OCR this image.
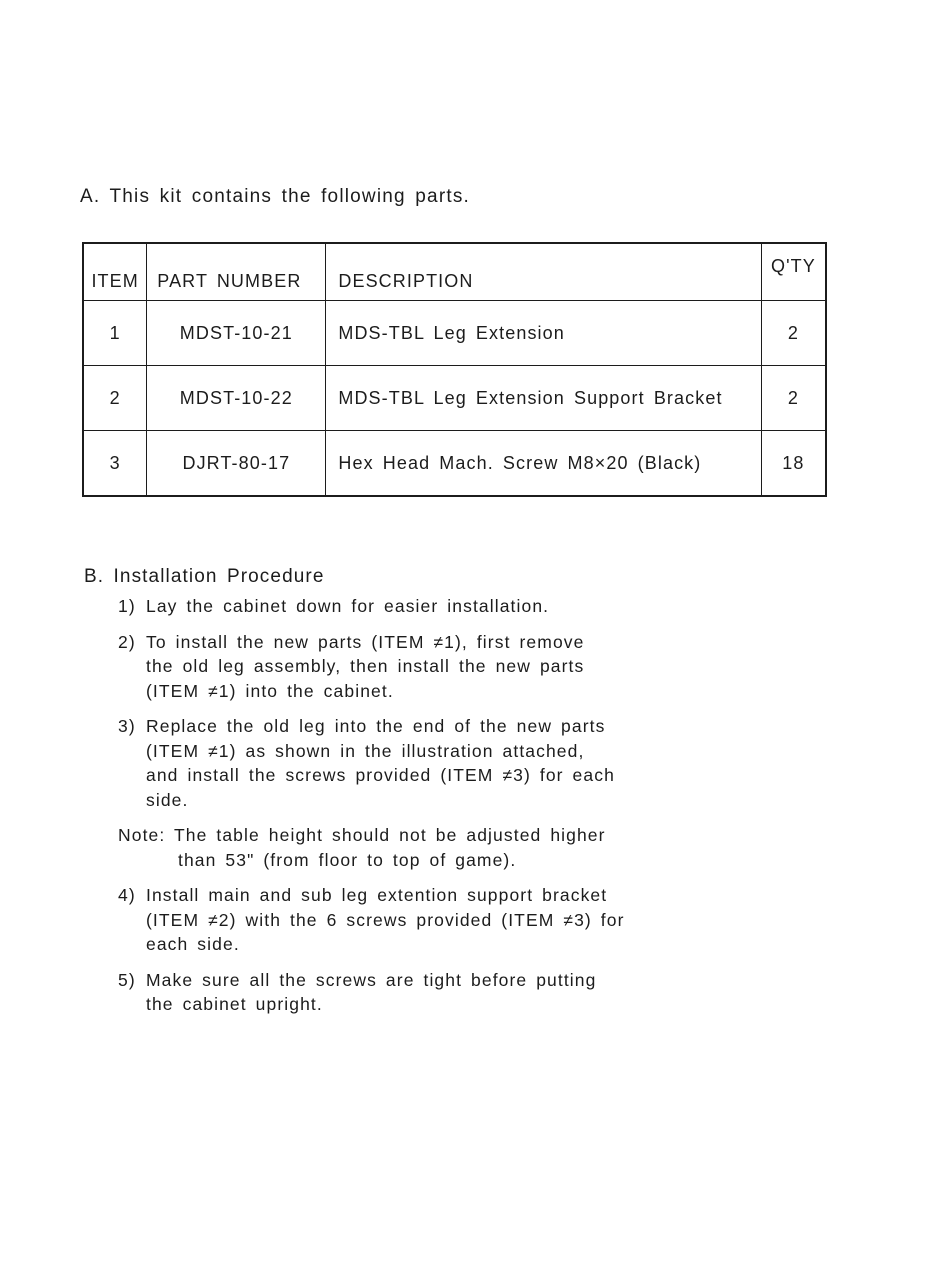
A. This kit contains the following parts.
ITEM	PART NUMBER	DESCRIPTION	Q'TY
1	MDST-10-21	MDS-TBL Leg Extension	2
2	MDST-10-22	MDS-TBL Leg Extension Support Bracket	2
3	DJRT-80-17	Hex Head Mach. Screw M8×20 (Black)	18
B. Installation Procedure
1) Lay the cabinet down for easier installation.
2) To install the new parts (ITEM ≠1), first remove
the old leg assembly, then install the new parts
(ITEM ≠1) into the cabinet.
3) Replace the old leg into the end of the new parts
(ITEM ≠1) as shown in the illustration attached,
and install the screws provided (ITEM ≠3) for each
side.
Note: The table height should not be adjusted higher
than 53" (from floor to top of game).
4) Install main and sub leg extention support bracket
(ITEM ≠2) with the 6 screws provided (ITEM ≠3) for
each side.
5) Make sure all the screws are tight before putting
the cabinet upright.
